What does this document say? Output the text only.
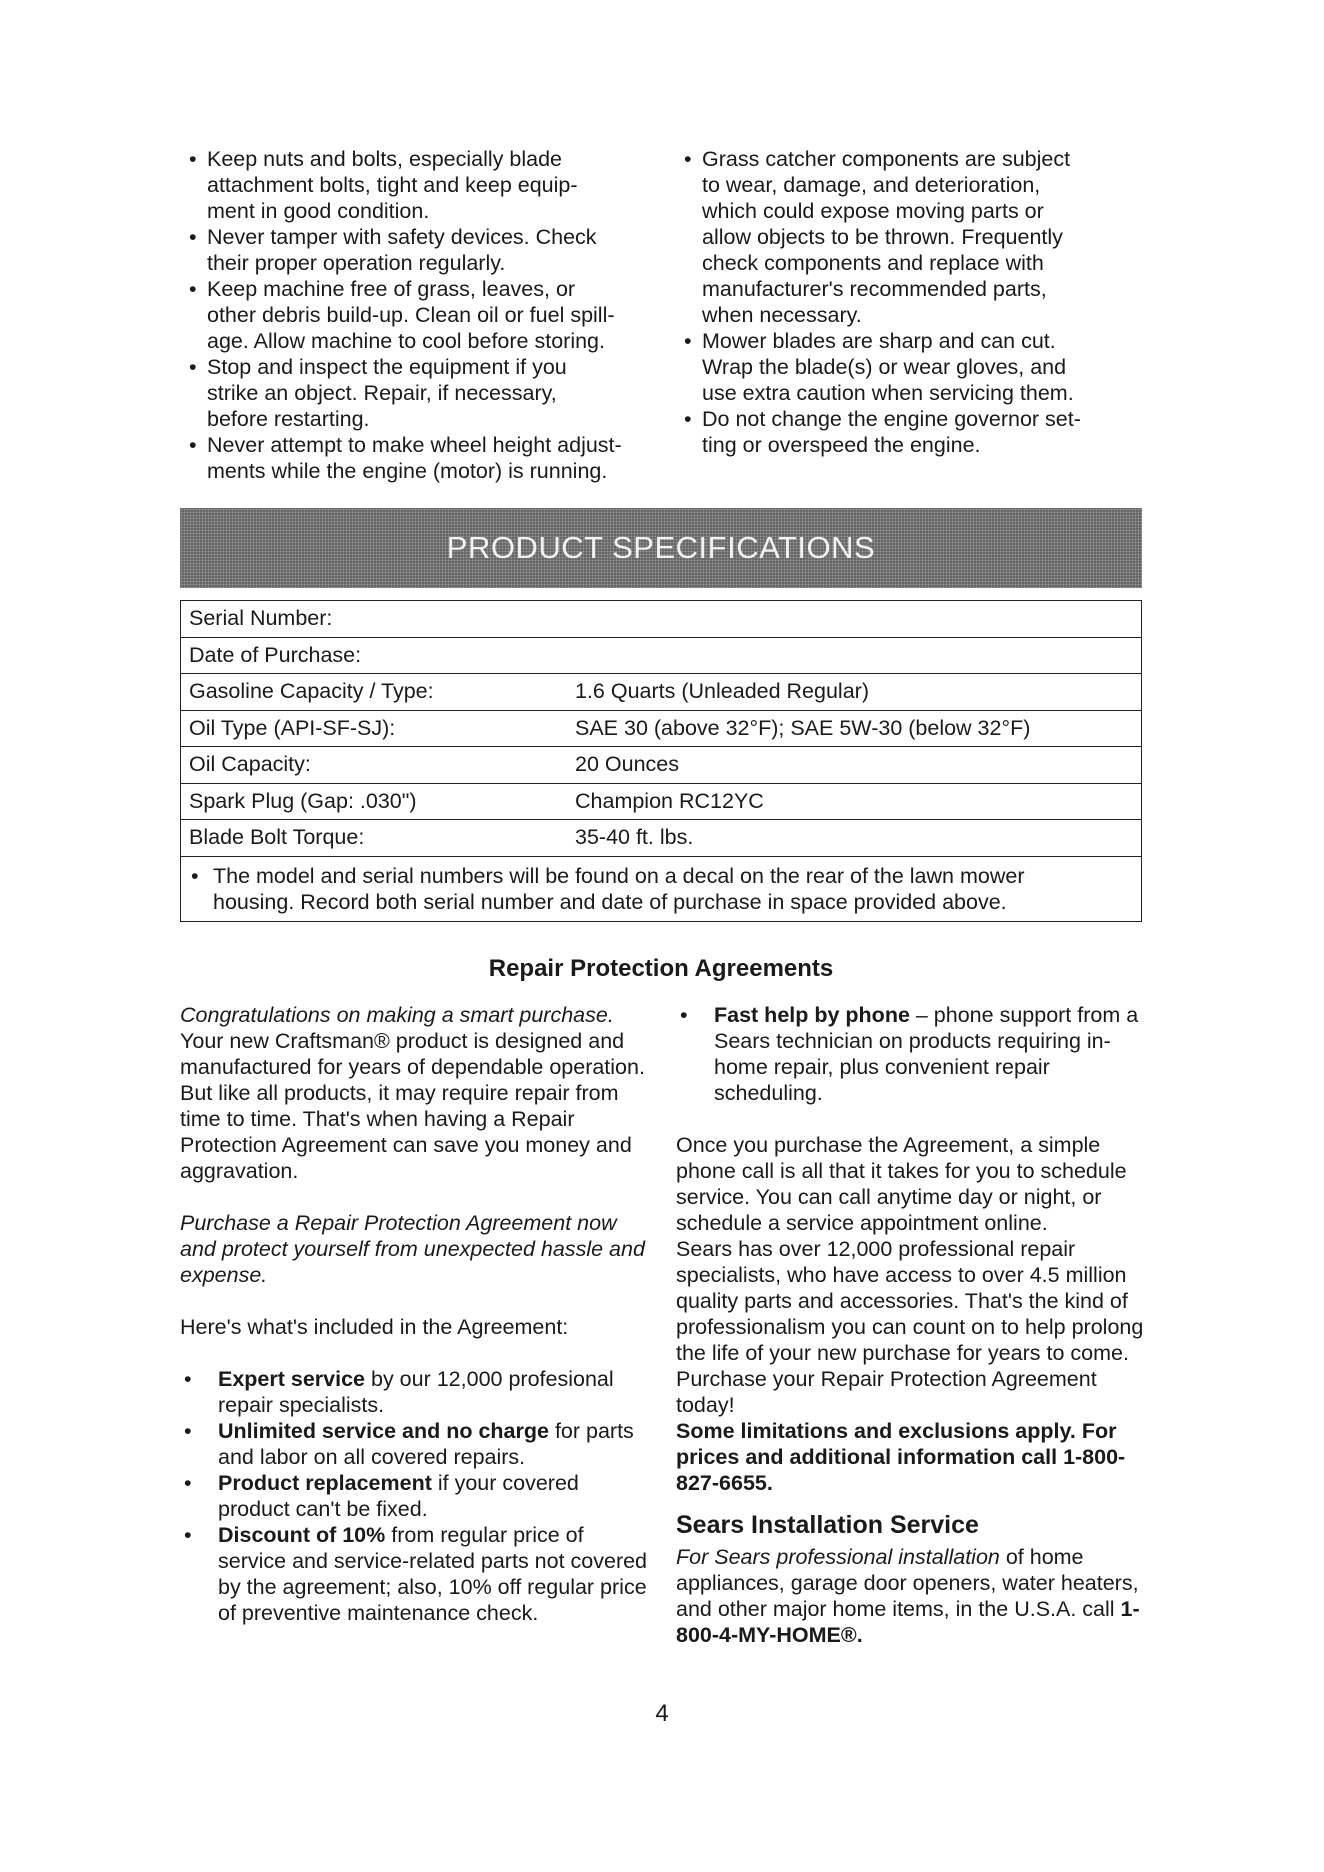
• Keep nuts and bolts, especially blade
attachment bolts, tight and keep equip-
ment in good condition.
• Never tamper with safety devices. Check
their proper operation regularly.
• Keep machine free of grass, leaves, or
other debris build-up. Clean oil or fuel spill-
age. Allow machine to cool before storing.
• Stop and inspect the equipment if you
strike an object. Repair, if necessary,
before restarting.
• Never attempt to make wheel height adjust-
ments while the engine (motor) is running.
• Grass catcher components are subject
to wear, damage, and deterioration,
which could expose moving parts or
allow objects to be thrown. Frequently
check components and replace with
manufacturer's recommended parts,
when necessary.
• Mower blades are sharp and can cut.
Wrap the blade(s) or wear gloves, and
use extra caution when servicing them.
• Do not change the engine governor set-
ting or overspeed the engine.
PRODUCT SPECIFICATIONS
Serial Number:
Date of Purchase:
Gasoline Capacity / Type:	1.6 Quarts (Unleaded Regular)
Oil Type (API-SF-SJ):	SAE 30 (above 32°F); SAE 5W-30 (below 32°F)
Oil Capacity:	20 Ounces
Spark Plug (Gap: .030")	Champion RC12YC
Blade Bolt Torque:	35-40 ft. lbs.
• The model and serial numbers will be found on a decal on the rear of the lawn mower
housing. Record both serial number and date of purchase in space provided above.
Repair Protection Agreements

Congratulations on making a smart purchase. Your new Craftsman® product is designed and manufactured for years of dependable operation. But like all products, it may require repair from time to time. That's when having a Repair Protection Agreement can save you money and aggravation.

Purchase a Repair Protection Agreement now and protect yourself from unexpected hassle and expense.

Here's what's included in the Agreement:

• Expert service by our 12,000 profesional repair specialists.
• Unlimited service and no charge for parts and labor on all covered repairs.
• Product replacement if your covered product can't be fixed.
• Discount of 10% from regular price of service and service-related parts not covered by the agreement; also, 10% off regular price of preventive maintenance check.
• Fast help by phone – phone support from a Sears technician on products requiring in-home repair, plus convenient repair scheduling.

Once you purchase the Agreement, a simple phone call is all that it takes for you to schedule service. You can call anytime day or night, or schedule a service appointment online.

Sears has over 12,000 professional repair specialists, who have access to over 4.5 million quality parts and accessories. That's the kind of professionalism you can count on to help prolong the life of your new purchase for years to come. Purchase your Repair Protection Agreement today!

Some limitations and exclusions apply. For prices and additional information call 1-800-827-6655.

Sears Installation Service

For Sears professional installation of home appliances, garage door openers, water heaters, and other major home items, in the U.S.A. call 1-800-4-MY-HOME®.

4
